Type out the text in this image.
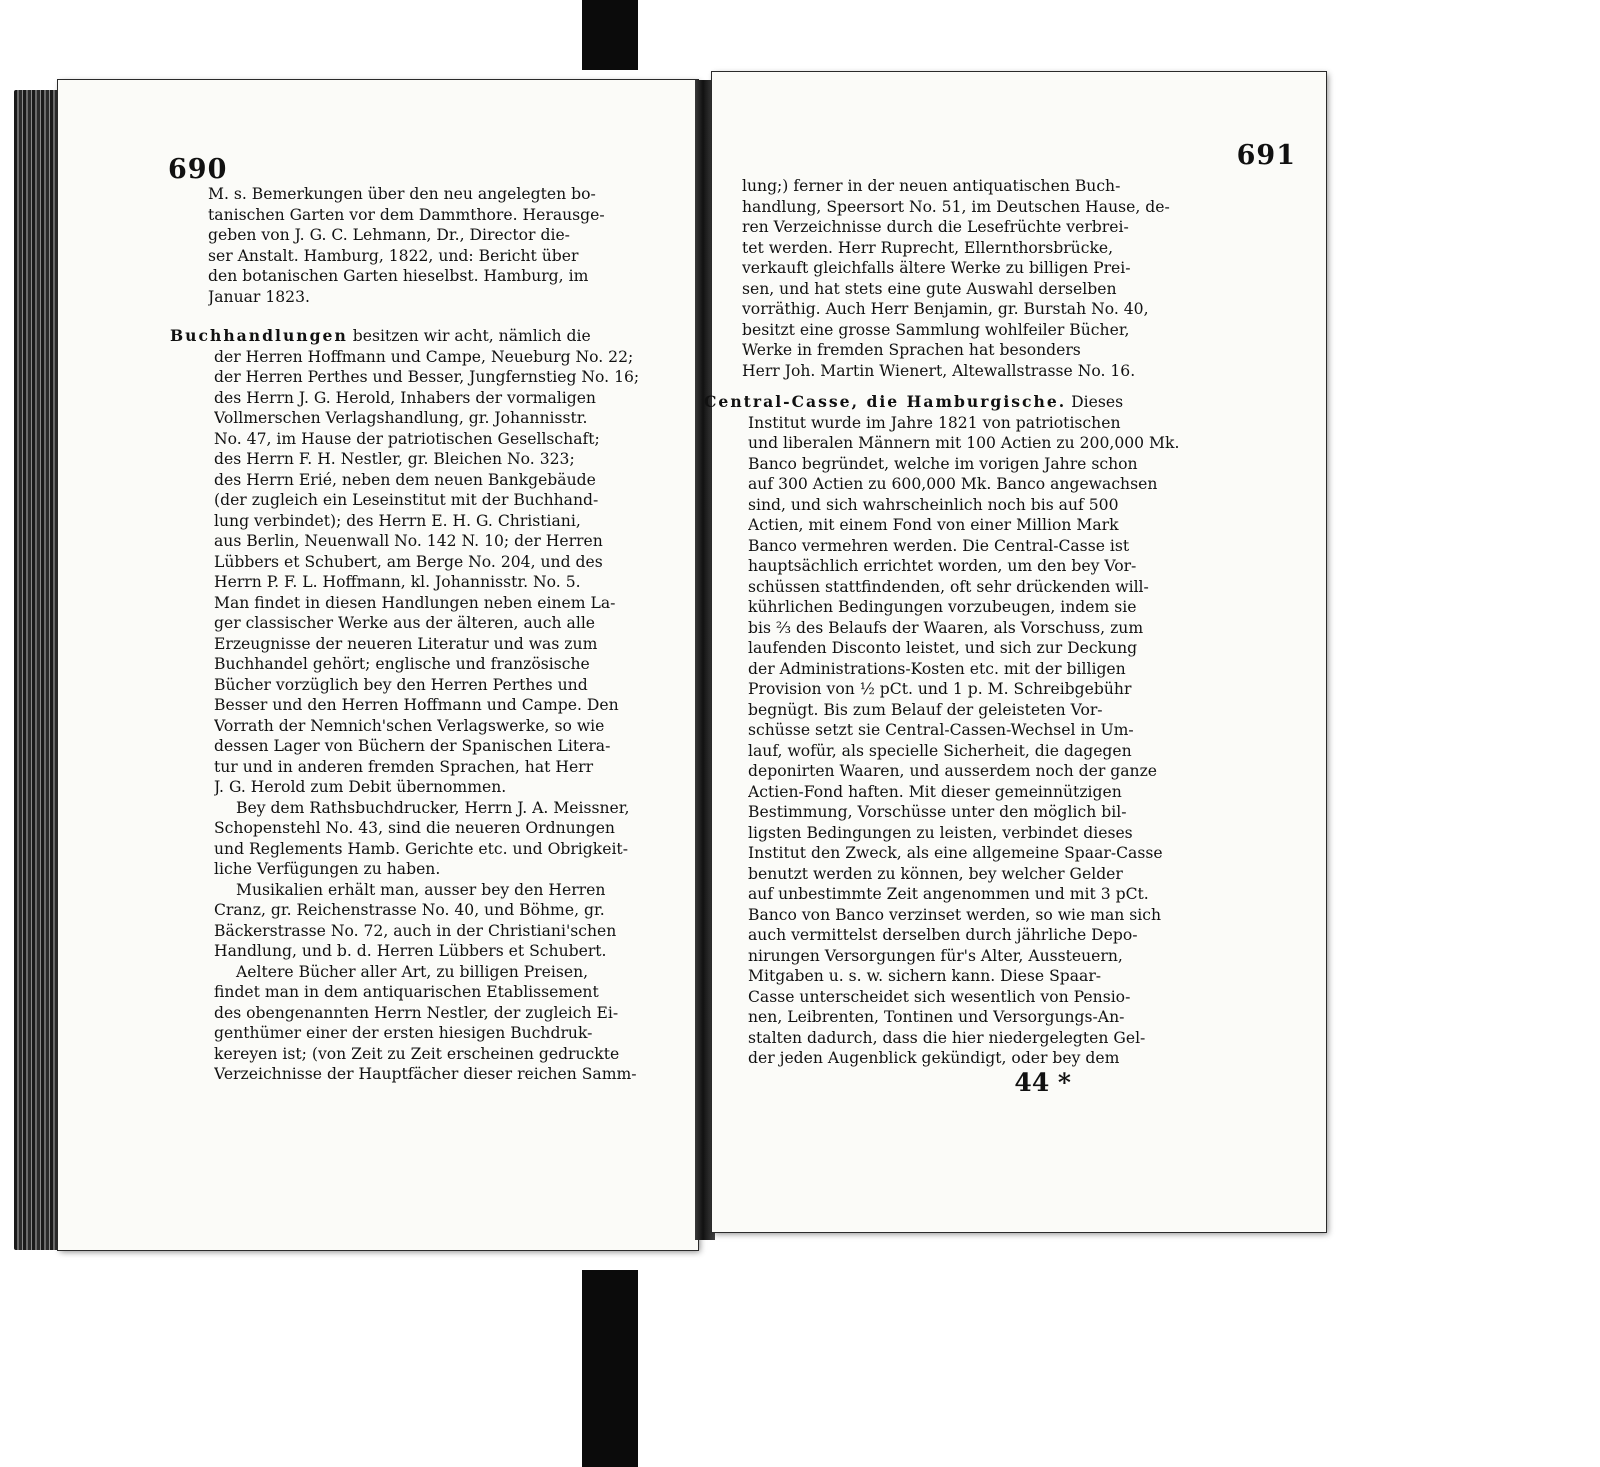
690
M. s. Bemerkungen über den neu angelegten bo-
tanischen Garten vor dem Dammthore. Herausge-
geben von J. G. C. Lehmann, Dr., Director die-
ser Anstalt. Hamburg, 1822, und: Bericht über
den botanischen Garten hieselbst. Hamburg, im
Januar 1823.
Buchhandlungen besitzen wir acht, nämlich die
der Herren Hoffmann und Campe, Neueburg No. 22;
der Herren Perthes und Besser, Jungfernstieg No. 16;
des Herrn J. G. Herold, Inhabers der vormaligen
Vollmerschen Verlagshandlung, gr. Johannisstr.
No. 47, im Hause der patriotischen Gesellschaft;
des Herrn F. H. Nestler, gr. Bleichen No. 323;
des Herrn Erié, neben dem neuen Bankgebäude
(der zugleich ein Leseinstitut mit der Buchhand-
lung verbindet); des Herrn E. H. G. Christiani,
aus Berlin, Neuenwall No. 142 N. 10; der Herren
Lübbers et Schubert, am Berge No. 204, und des
Herrn P. F. L. Hoffmann, kl. Johannisstr. No. 5.
Man findet in diesen Handlungen neben einem La-
ger classischer Werke aus der älteren, auch alle
Erzeugnisse der neueren Literatur und was zum
Buchhandel gehört; englische und französische
Bücher vorzüglich bey den Herren Perthes und
Besser und den Herren Hoffmann und Campe. Den
Vorrath der Nemnich'schen Verlagswerke, so wie
dessen Lager von Büchern der Spanischen Litera-
tur und in anderen fremden Sprachen, hat Herr
J. G. Herold zum Debit übernommen.
Bey dem Rathsbuchdrucker, Herrn J. A. Meissner,
Schopenstehl No. 43, sind die neueren Ordnungen
und Reglements Hamb. Gerichte etc. und Obrigkeit-
liche Verfügungen zu haben.
Musikalien erhält man, ausser bey den Herren
Cranz, gr. Reichenstrasse No. 40, und Böhme, gr.
Bäckerstrasse No. 72, auch in der Christiani'schen
Handlung, und b. d. Herren Lübbers et Schubert.
Aeltere Bücher aller Art, zu billigen Preisen,
findet man in dem antiquarischen Etablissement
des obengenannten Herrn Nestler, der zugleich Ei-
genthümer einer der ersten hiesigen Buchdruk-
kereyen ist; (von Zeit zu Zeit erscheinen gedruckte
Verzeichnisse der Hauptfächer dieser reichen Samm-
691
lung;) ferner in der neuen antiquatischen Buch-
handlung, Speersort No. 51, im Deutschen Hause, de-
ren Verzeichnisse durch die Lesefrüchte verbrei-
tet werden. Herr Ruprecht, Ellernthorsbrücke,
verkauft gleichfalls ältere Werke zu billigen Prei-
sen, und hat stets eine gute Auswahl derselben
vorräthig. Auch Herr Benjamin, gr. Burstah No. 40,
besitzt eine grosse Sammlung wohlfeiler Bücher,
Werke in fremden Sprachen hat besonders
Herr Joh. Martin Wienert, Altewallstrasse No. 16.
Central-Casse, die Hamburgische. Dieses
Institut wurde im Jahre 1821 von patriotischen
und liberalen Männern mit 100 Actien zu 200,000 Mk.
Banco begründet, welche im vorigen Jahre schon
auf 300 Actien zu 600,000 Mk. Banco angewachsen
sind, und sich wahrscheinlich noch bis auf 500
Actien, mit einem Fond von einer Million Mark
Banco vermehren werden. Die Central-Casse ist
hauptsächlich errichtet worden, um den bey Vor-
schüssen stattfindenden, oft sehr drückenden will-
kührlichen Bedingungen vorzubeugen, indem sie
bis ⅔ des Belaufs der Waaren, als Vorschuss, zum
laufenden Disconto leistet, und sich zur Deckung
der Administrations-Kosten etc. mit der billigen
Provision von ½ pCt. und 1 p. M. Schreibgebühr
begnügt. Bis zum Belauf der geleisteten Vor-
schüsse setzt sie Central-Cassen-Wechsel in Um-
lauf, wofür, als specielle Sicherheit, die dagegen
deponirten Waaren, und ausserdem noch der ganze
Actien-Fond haften. Mit dieser gemeinnützigen
Bestimmung, Vorschüsse unter den möglich bil-
ligsten Bedingungen zu leisten, verbindet dieses
Institut den Zweck, als eine allgemeine Spaar-Casse
benutzt werden zu können, bey welcher Gelder
auf unbestimmte Zeit angenommen und mit 3 pCt.
Banco von Banco verzinset werden, so wie man sich
auch vermittelst derselben durch jährliche Depo-
nirungen Versorgungen für's Alter, Aussteuern,
Mitgaben u. s. w. sichern kann. Diese Spaar-
Casse unterscheidet sich wesentlich von Pensio-
nen, Leibrenten, Tontinen und Versorgungs-An-
stalten dadurch, dass die hier niedergelegten Gel-
der jeden Augenblick gekündigt, oder bey dem
44 *
